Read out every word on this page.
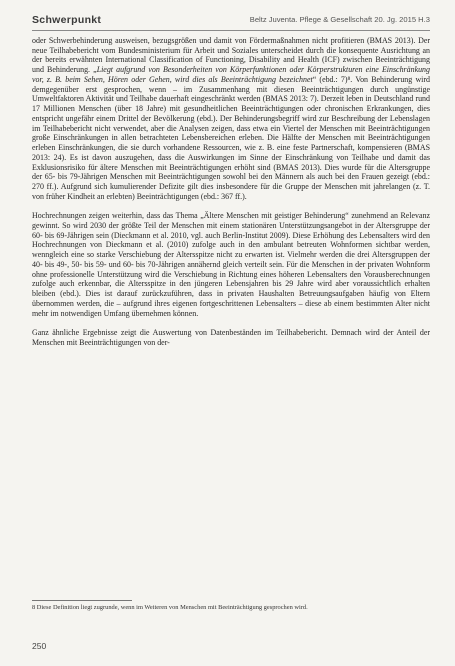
Schwerpunkt	Beltz Juventa. Pflege & Gesellschaft 20. Jg. 2015 H.3

oder Schwerbehinderung ausweisen, bezugsgrößen und damit von Fördermaßnahmen nicht profitieren (BMAS 2013). Der neue Teilhabebericht vom Bundesministerium für Arbeit und Soziales unterscheidet durch die konsequente Ausrichtung an der bereits erwähnten International Classification of Functioning, Disability and Health (ICF) zwischen Beeinträchtigung und Behinderung. „Liegt aufgrund von Besonderheiten von Körperfunktionen oder Körperstrukturen eine Einschränkung vor, z. B. beim Sehen, Hören oder Gehen, wird dies als Beeinträchtigung bezeichnet“ (ebd.: 7)⁸. Von Behinderung wird demgegenüber erst gesprochen, wenn – im Zusammenhang mit diesen Beeinträchtigungen durch ungünstige Umweltfaktoren Aktivität und Teilhabe dauerhaft eingeschränkt werden (BMAS 2013: 7). Derzeit leben in Deutschland rund 17 Millionen Menschen (über 18 Jahre) mit gesundheitlichen Beeinträchtigungen oder chronischen Erkrankungen, dies entspricht ungefähr einem Drittel der Bevölkerung (ebd.). Der Behinderungsbegriff wird zur Beschreibung der Lebenslagen im Teilhabebericht nicht verwendet, aber die Analysen zeigen, dass etwa ein Viertel der Menschen mit Beeinträchtigungen große Einschränkungen in allen betrachteten Lebensbereichen erleben. Die Hälfte der Menschen mit Beeinträchtigungen erleben Einschränkungen, die sie durch vorhandene Ressourcen, wie z. B. eine feste Partnerschaft, kompensieren (BMAS 2013: 24). Es ist davon auszugehen, dass die Auswirkungen im Sinne der Einschränkung von Teilhabe und damit das Exklusionsrisiko für ältere Menschen mit Beeinträchtigungen erhöht sind (BMAS 2013). Dies wurde für die Altersgruppe der 65- bis 79-Jährigen Menschen mit Beeinträchtigungen sowohl bei den Männern als auch bei den Frauen gezeigt (ebd.: 270 ff.). Aufgrund sich kumulierender Defizite gilt dies insbesondere für die Gruppe der Menschen mit jahrelangen (z. T. von früher Kindheit an erlebten) Beeinträchtigungen (ebd.: 367 ff.).

Hochrechnungen zeigen weiterhin, dass das Thema „Ältere Menschen mit geistiger Behinderung“ zunehmend an Relevanz gewinnt. So wird 2030 der größte Teil der Menschen mit einem stationären Unterstützungsangebot in der Altersgruppe der 60- bis 69-Jährigen sein (Dieckmann et al. 2010, vgl. auch Berlin-Institut 2009). Diese Erhöhung des Lebensalters wird den Hochrechnungen von Dieckmann et al. (2010) zufolge auch in den ambulant betreuten Wohnformen sichtbar werden, wenngleich eine so starke Verschiebung der Altersspitze nicht zu erwarten ist. Vielmehr werden die drei Altersgruppen der 40- bis 49-, 50- bis 59- und 60- bis 70-Jährigen annähernd gleich verteilt sein. Für die Menschen in der privaten Wohnform ohne professionelle Unterstützung wird die Verschiebung in Richtung eines höheren Lebensalters den Vorausberechnungen zufolge auch erkennbar, die Altersspitze in den jüngeren Lebensjahren bis 29 Jahre wird aber voraussichtlich erhalten bleiben (ebd.). Dies ist darauf zurückzuführen, dass in privaten Haushalten Betreuungsaufgaben häufig von Eltern übernommen werden, die – aufgrund ihres eigenen fortgeschrittenen Lebensalters – diese ab einem bestimmten Alter nicht mehr im notwendigen Umfang übernehmen können.

Ganz ähnliche Ergebnisse zeigt die Auswertung von Datenbeständen im Teilhabebericht. Demnach wird der Anteil der Menschen mit Beeinträchtigungen von der-

8 Diese Definition liegt zugrunde, wenn im Weiteren von Menschen mit Beeinträchtigung gesprochen wird.
250
